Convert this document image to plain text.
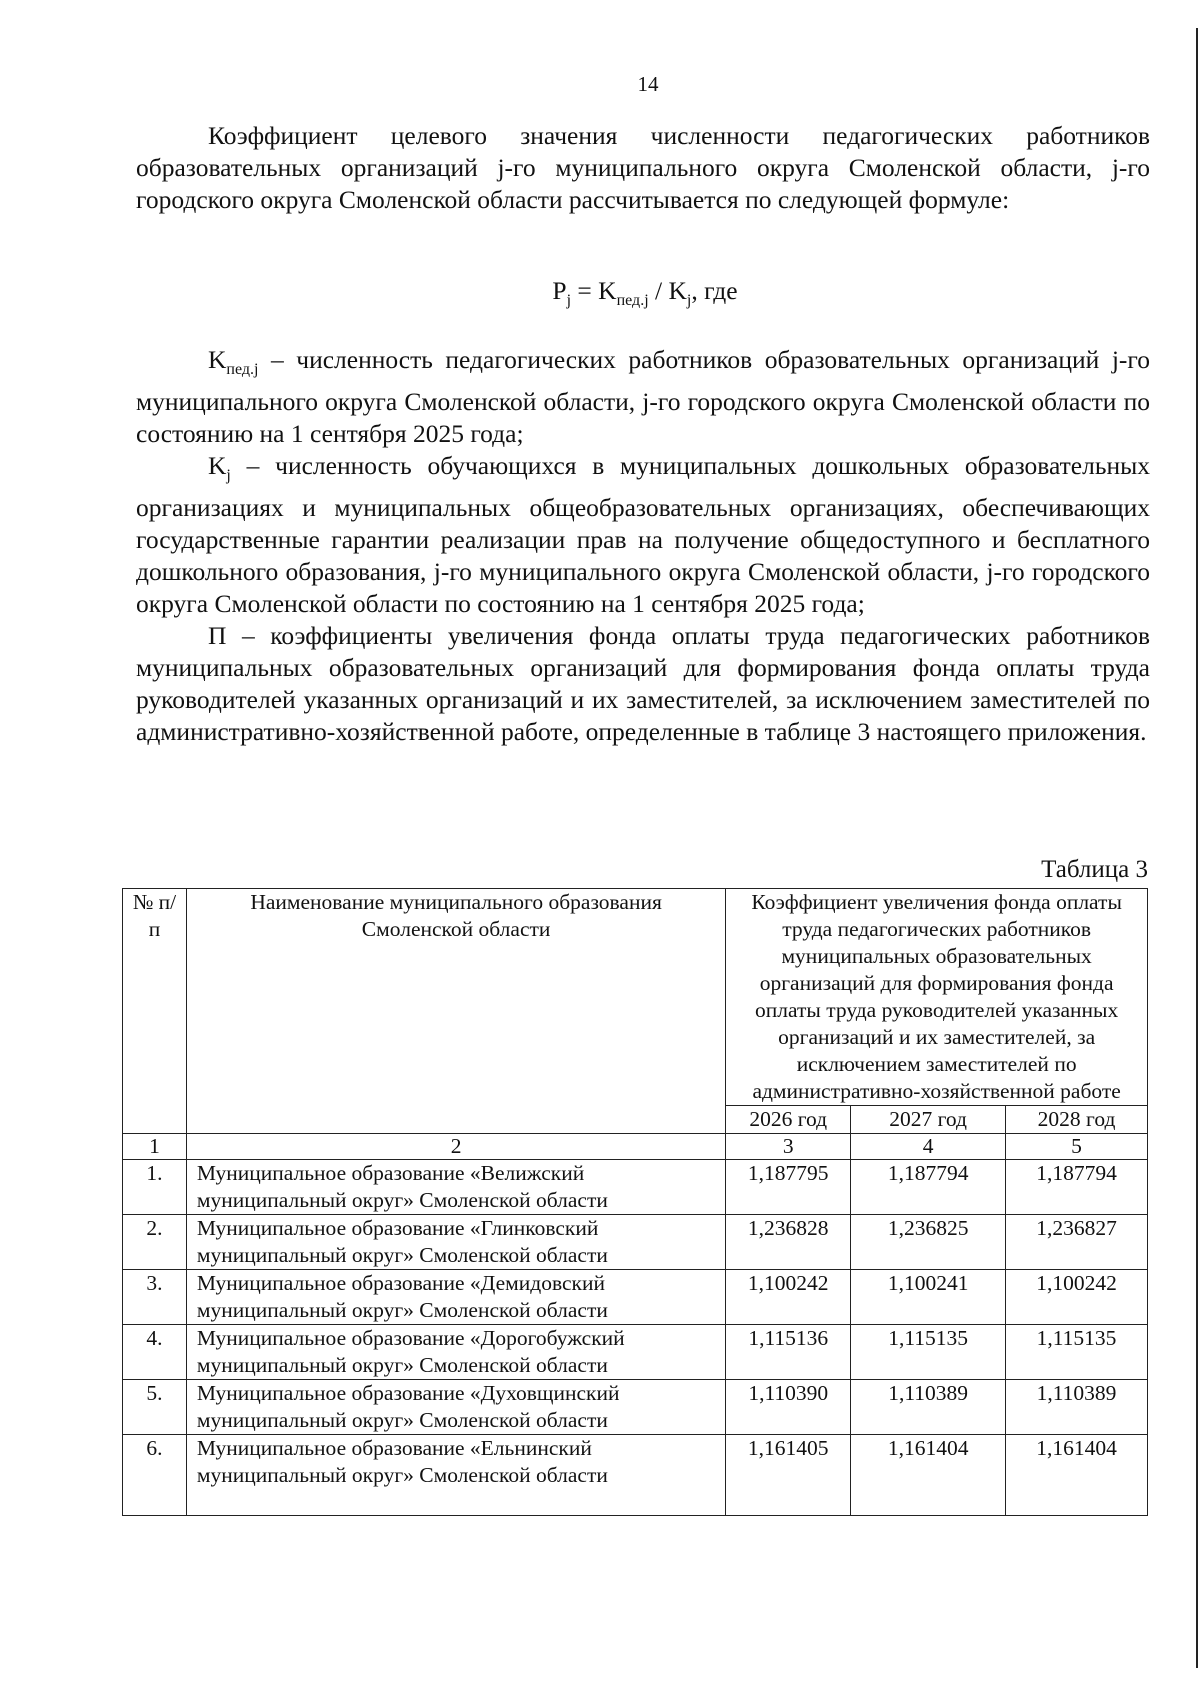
14

Коэффициент целевого значения численности педагогических работников образовательных организаций j-го муниципального округа Смоленской области, j-го городского округа Смоленской области рассчитывается по следующей формуле:

$P_j = K_{пед.j} / K_j$, где

$K_{пед.j}$ – численность педагогических работников образовательных организаций j-го муниципального округа Смоленской области, j-го городского округа Смоленской области по состоянию на 1 сентября 2025 года;

$K_j$ – численность обучающихся в муниципальных дошкольных образовательных организациях и муниципальных общеобразовательных организациях, обеспечивающих государственные гарантии реализации прав на получение общедоступного и бесплатного дошкольного образования, j-го муниципального округа Смоленской области, j-го городского округа Смоленской области по состоянию на 1 сентября 2025 года;

П – коэффициенты увеличения фонда оплаты труда педагогических работников муниципальных образовательных организаций для формирования фонда оплаты труда руководителей указанных организаций и их заместителей, за исключением заместителей по административно-хозяйственной работе, определенные в таблице 3 настоящего приложения.

Таблица 3
№ п/п	Наименование муниципального образования Смоленской области	Коэффициент увеличения фонда оплаты труда педагогических работников муниципальных образовательных организаций для формирования фонда оплаты труда руководителей указанных организаций и их заместителей, за исключением заместителей по административно-хозяйственной работе		
		2026 год	2027 год	2028 год
1	2	3	4	5
1.	Муниципальное образование «Велижский муниципальный округ» Смоленской области	1,187795	1,187794	1,187794
2.	Муниципальное образование «Глинковский муниципальный округ» Смоленской области	1,236828	1,236825	1,236827
3.	Муниципальное образование «Демидовский муниципальный округ» Смоленской области	1,100242	1,100241	1,100242
4.	Муниципальное образование «Дорогобужский муниципальный округ» Смоленской области	1,115136	1,115135	1,115135
5.	Муниципальное образование «Духовщинский муниципальный округ» Смоленской области	1,110390	1,110389	1,110389
6.	Муниципальное образование «Ельнинский муниципальный округ» Смоленской области	1,161405	1,161404	1,161404
